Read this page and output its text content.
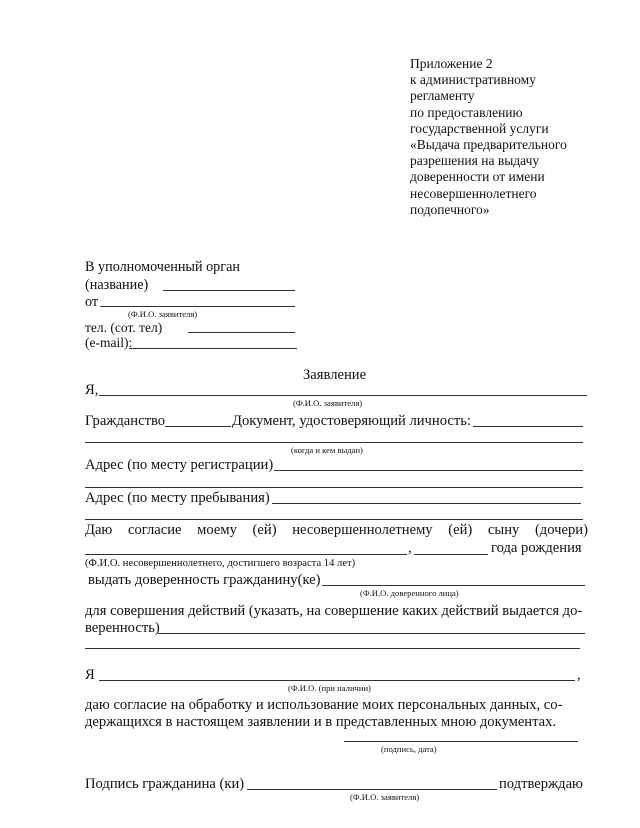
Приложение 2
к административному
регламенту
по предоставлению
государственной услуги
«Выдача предварительного
разрешения на выдачу
доверенности от имени
несовершеннолетнего
подопечного»
В уполномоченный орган
(название)
от
(Ф.И.О. заявителя)
тел. (сот. тел)
(e-mail):
Заявление
Я,
(Ф.И.О. заявителя)
Гражданство	Документ, удостоверяющий личность:
(когда и кем выдан)
Адрес (по месту регистрации)
Адрес (по месту пребывания)
Даю согласие моему (ей) несовершеннолетнему (ей) сыну (дочери)
,	года рождения
(Ф.И.О. несовершеннолетнего, достигшего возраста 14 лет)
выдать доверенность гражданину(ке)
(Ф.И.О. доверенного лица)
для совершения действий (указать, на совершение каких действий выдается до-
веренность)
Я	,
(Ф.И.О. (при наличии)
даю согласие на обработку и использование моих персональных данных, со-
держащихся в настоящем заявлении и в представленных мною документах.
(подпись, дата)
Подпись гражданина (ки)	подтверждаю
(Ф.И.О. заявителя)
